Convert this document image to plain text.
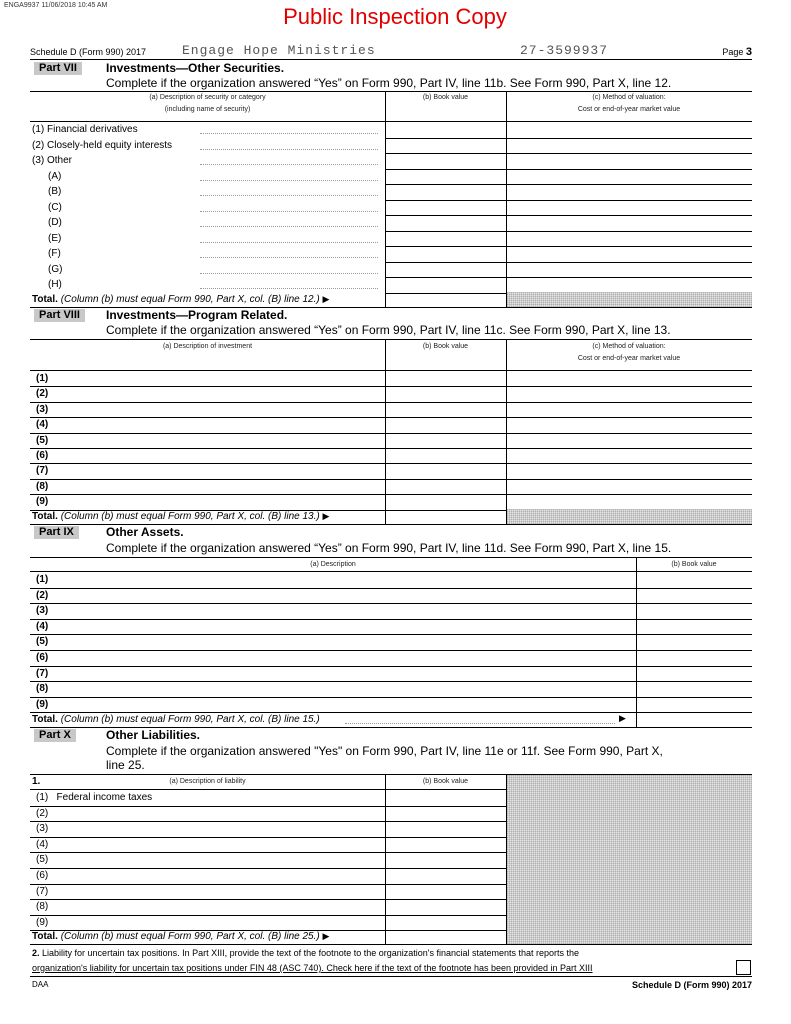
ENGA9937 11/06/2018 10:45 AM	Public Inspection Copy
Schedule D (Form 990) 2017	Engage Hope Ministries	27-3599937	Page 3
Part VII	Investments—Other Securities.
Complete if the organization answered “Yes” on Form 990, Part IV, line 11b. See Form 990, Part X, line 12.
(a) Description of security or category
(including name of security)
(b) Book value	(c) Method of valuation:
Cost or end-of-year market value
(1) Financial derivatives
(2) Closely-held equity interests
(3) Other
(A)
(B)
(C)
(D)
(E)
(F)
(G)
(H)
Total. (Column (b) must equal Form 990, Part X, col. (B) line 12.) ▶
Part VIII	Investments—Program Related.
Complete if the organization answered “Yes” on Form 990, Part IV, line 11c. See Form 990, Part X, line 13.
(a) Description of investment	(b) Book value	(c) Method of valuation:
Cost or end-of-year market value
(1)
(2)
(3)
(4)
(5)
(6)
(7)
(8)
(9)
Total. (Column (b) must equal Form 990, Part X, col. (B) line 13.) ▶
Part IX	Other Assets.
Complete if the organization answered “Yes” on Form 990, Part IV, line 11d. See Form 990, Part X, line 15.
(a) Description	(b) Book value
(1)
(2)
(3)
(4)
(5)
(6)
(7)
(8)
(9)
Total. (Column (b) must equal Form 990, Part X, col. (B) line 15.)	▶
Part X	Other Liabilities.
Complete if the organization answered "Yes" on Form 990, Part IV, line 11e or 11f. See Form 990, Part X,
line 25.
1.	(a) Description of liability	(b) Book value
(1)   Federal income taxes
(2)
(3)
(4)
(5)
(6)
(7)
(8)
(9)
Total. (Column (b) must equal Form 990, Part X, col. (B) line 25.) ▶
2. Liability for uncertain tax positions. In Part XIII, provide the text of the footnote to the organization's financial statements that reports the
organization's liability for uncertain tax positions under FIN 48 (ASC 740). Check here if the text of the footnote has been provided in Part XIII
DAA	Schedule D (Form 990) 2017
